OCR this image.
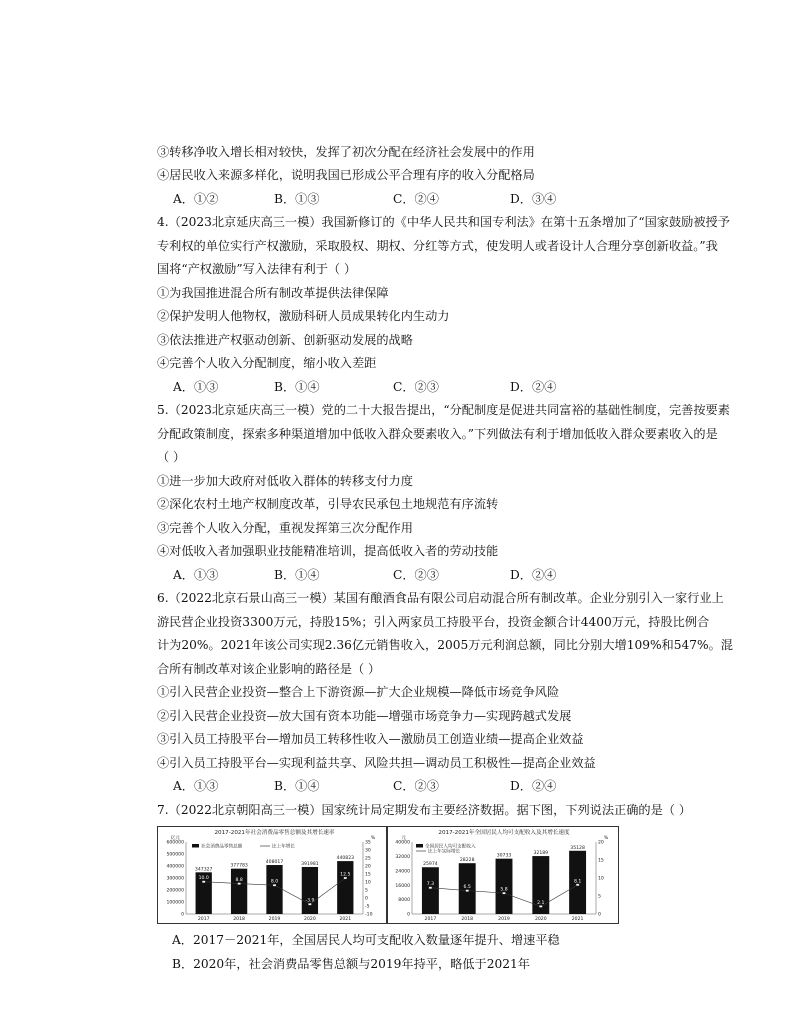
③转移净收入增长相对较快，发挥了初次分配在经济社会发展中的作用
④居民收入来源多样化，说明我国已形成公平合理有序的收入分配格局
A．①②	B．①③	C．②④	D．③④
4.（2023北京延庆高三一模）我国新修订的《中华人民共和国专利法》在第十五条增加了“国家鼓励被授予
专利权的单位实行产权激励，采取股权、期权、分红等方式，使发明人或者设计人合理分享创新收益。”我
国将“产权激励”写入法律有利于（ ）
①为我国推进混合所有制改革提供法律保障
②保护发明人他物权，激励科研人员成果转化内生动力
③依法推进产权驱动创新、创新驱动发展的战略
④完善个人收入分配制度，缩小收入差距
A．①③	B．①④	C．②③	D．②④
5.（2023北京延庆高三一模）党的二十大报告提出，“分配制度是促进共同富裕的基础性制度，完善按要素
分配政策制度，探索多种渠道增加中低收入群众要素收入。”下列做法有利于增加低收入群众要素收入的是
（ ）
①进一步加大政府对低收入群体的转移支付力度
②深化农村土地产权制度改革，引导农民承包土地规范有序流转
③完善个人收入分配，重视发挥第三次分配作用
④对低收入者加强职业技能精准培训，提高低收入者的劳动技能
A．①③	B．①④	C．②③	D．②④
6.（2022北京石景山高三一模）某国有酿酒食品有限公司启动混合所有制改革。企业分别引入一家行业上
游民营企业投资3300万元，持股15%；引入两家员工持股平台，投资金额合计4400万元，持股比例合
计为20%。2021年该公司实现2.36亿元销售收入，2005万元利润总额，同比分别大增109%和547%。混
合所有制改革对该企业影响的路径是（ ）
①引入民营企业投资—整合上下游资源—扩大企业规模—降低市场竞争风险
②引入民营企业投资—放大国有资本功能—增强市场竞争力—实现跨越式发展
③引入员工持股平台—增加员工转移性收入—激励员工创造业绩—提高企业效益
④引入员工持股平台—实现利益共享、风险共担—调动员工积极性—提高企业效益
A．①③	B．①④	C．②③	D．②④
7.（2022北京朝阳高三一模）国家统计局定期发布主要经济数据。据下图，下列说法正确的是（ ）
2017-2021年社会消费品零售总额及其增长速率
亿元	%
0
100000
200000
300000
400000
500000
600000
-10
-5
0
5
10
15
20
25
30
35
社会消费品零售总额	比上年增长
347327
2017
377783
2018
408017
2019
391981
2020
440823
2021
10.0	8.8	8.0
-3.9
12.5
2017-2021年全国居民人均可支配收入及其增长速度
元	%
0
8000
16000
24000
32000
40000
0
5
10
15
20
全国居民人均可支配收入
比上年实际增长
25974
2017
28228
2018
30733
2019
32189
2020
35128
2021
7.3
6.5
5.8
2.1
8.1
A．2017－2021年，全国居民人均可支配收入数量逐年提升、增速平稳
B．2020年，社会消费品零售总额与2019年持平，略低于2021年
